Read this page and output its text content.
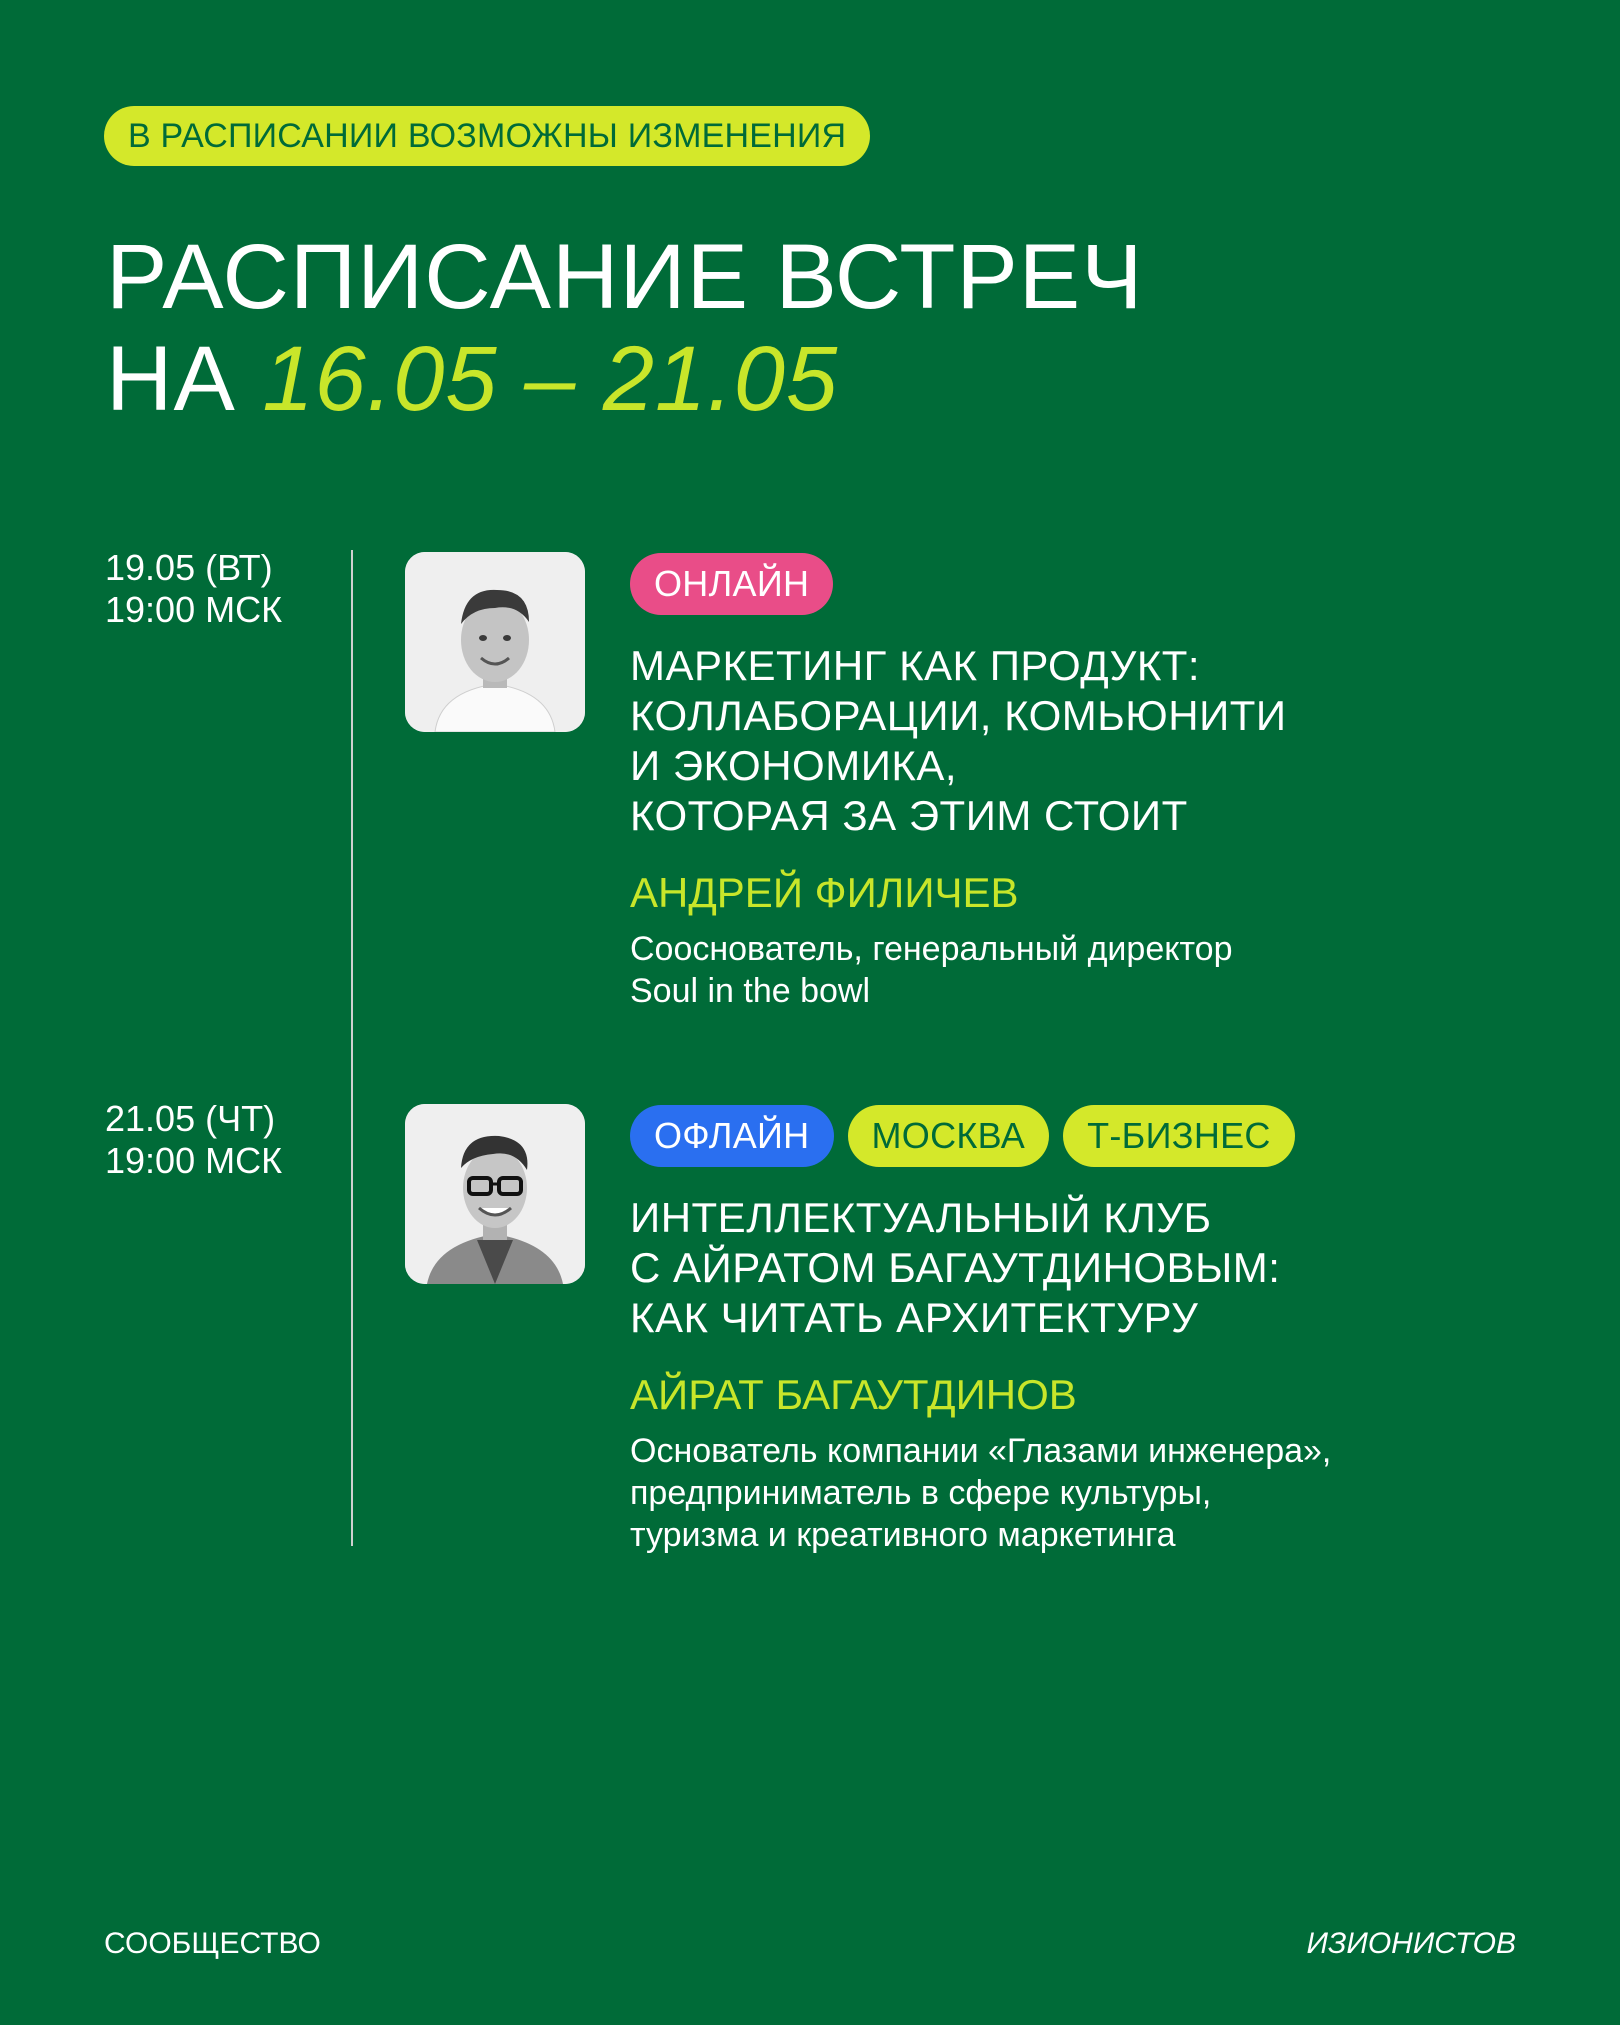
В РАСПИСАНИИ ВОЗМОЖНЫ ИЗМЕНЕНИЯ
РАСПИСАНИЕ ВСТРЕЧ
НА 16.05 – 21.05
19.05 (ВТ)
19:00 МСК
ОНЛАЙН
МАРКЕТИНГ КАК ПРОДУКТ:
КОЛЛАБОРАЦИИ, КОМЬЮНИТИ
И ЭКОНОМИКА,
КОТОРАЯ ЗА ЭТИМ СТОИТ
АНДРЕЙ ФИЛИЧЕВ
Сооснователь, генеральный директор
Soul in the bowl
21.05 (ЧТ)
19:00 МСК
ОФЛАЙН	МОСКВА	Т-БИЗНЕС
ИНТЕЛЛЕКТУАЛЬНЫЙ КЛУБ
С АЙРАТОМ БАГАУТДИНОВЫМ:
КАК ЧИТАТЬ АРХИТЕКТУРУ
АЙРАТ БАГАУТДИНОВ
Основатель компании «Глазами инженера»,
предприниматель в сфере культуры,
туризма и креативного маркетинга
СООБЩЕСТВО	ИЗИОНИСТОВ
